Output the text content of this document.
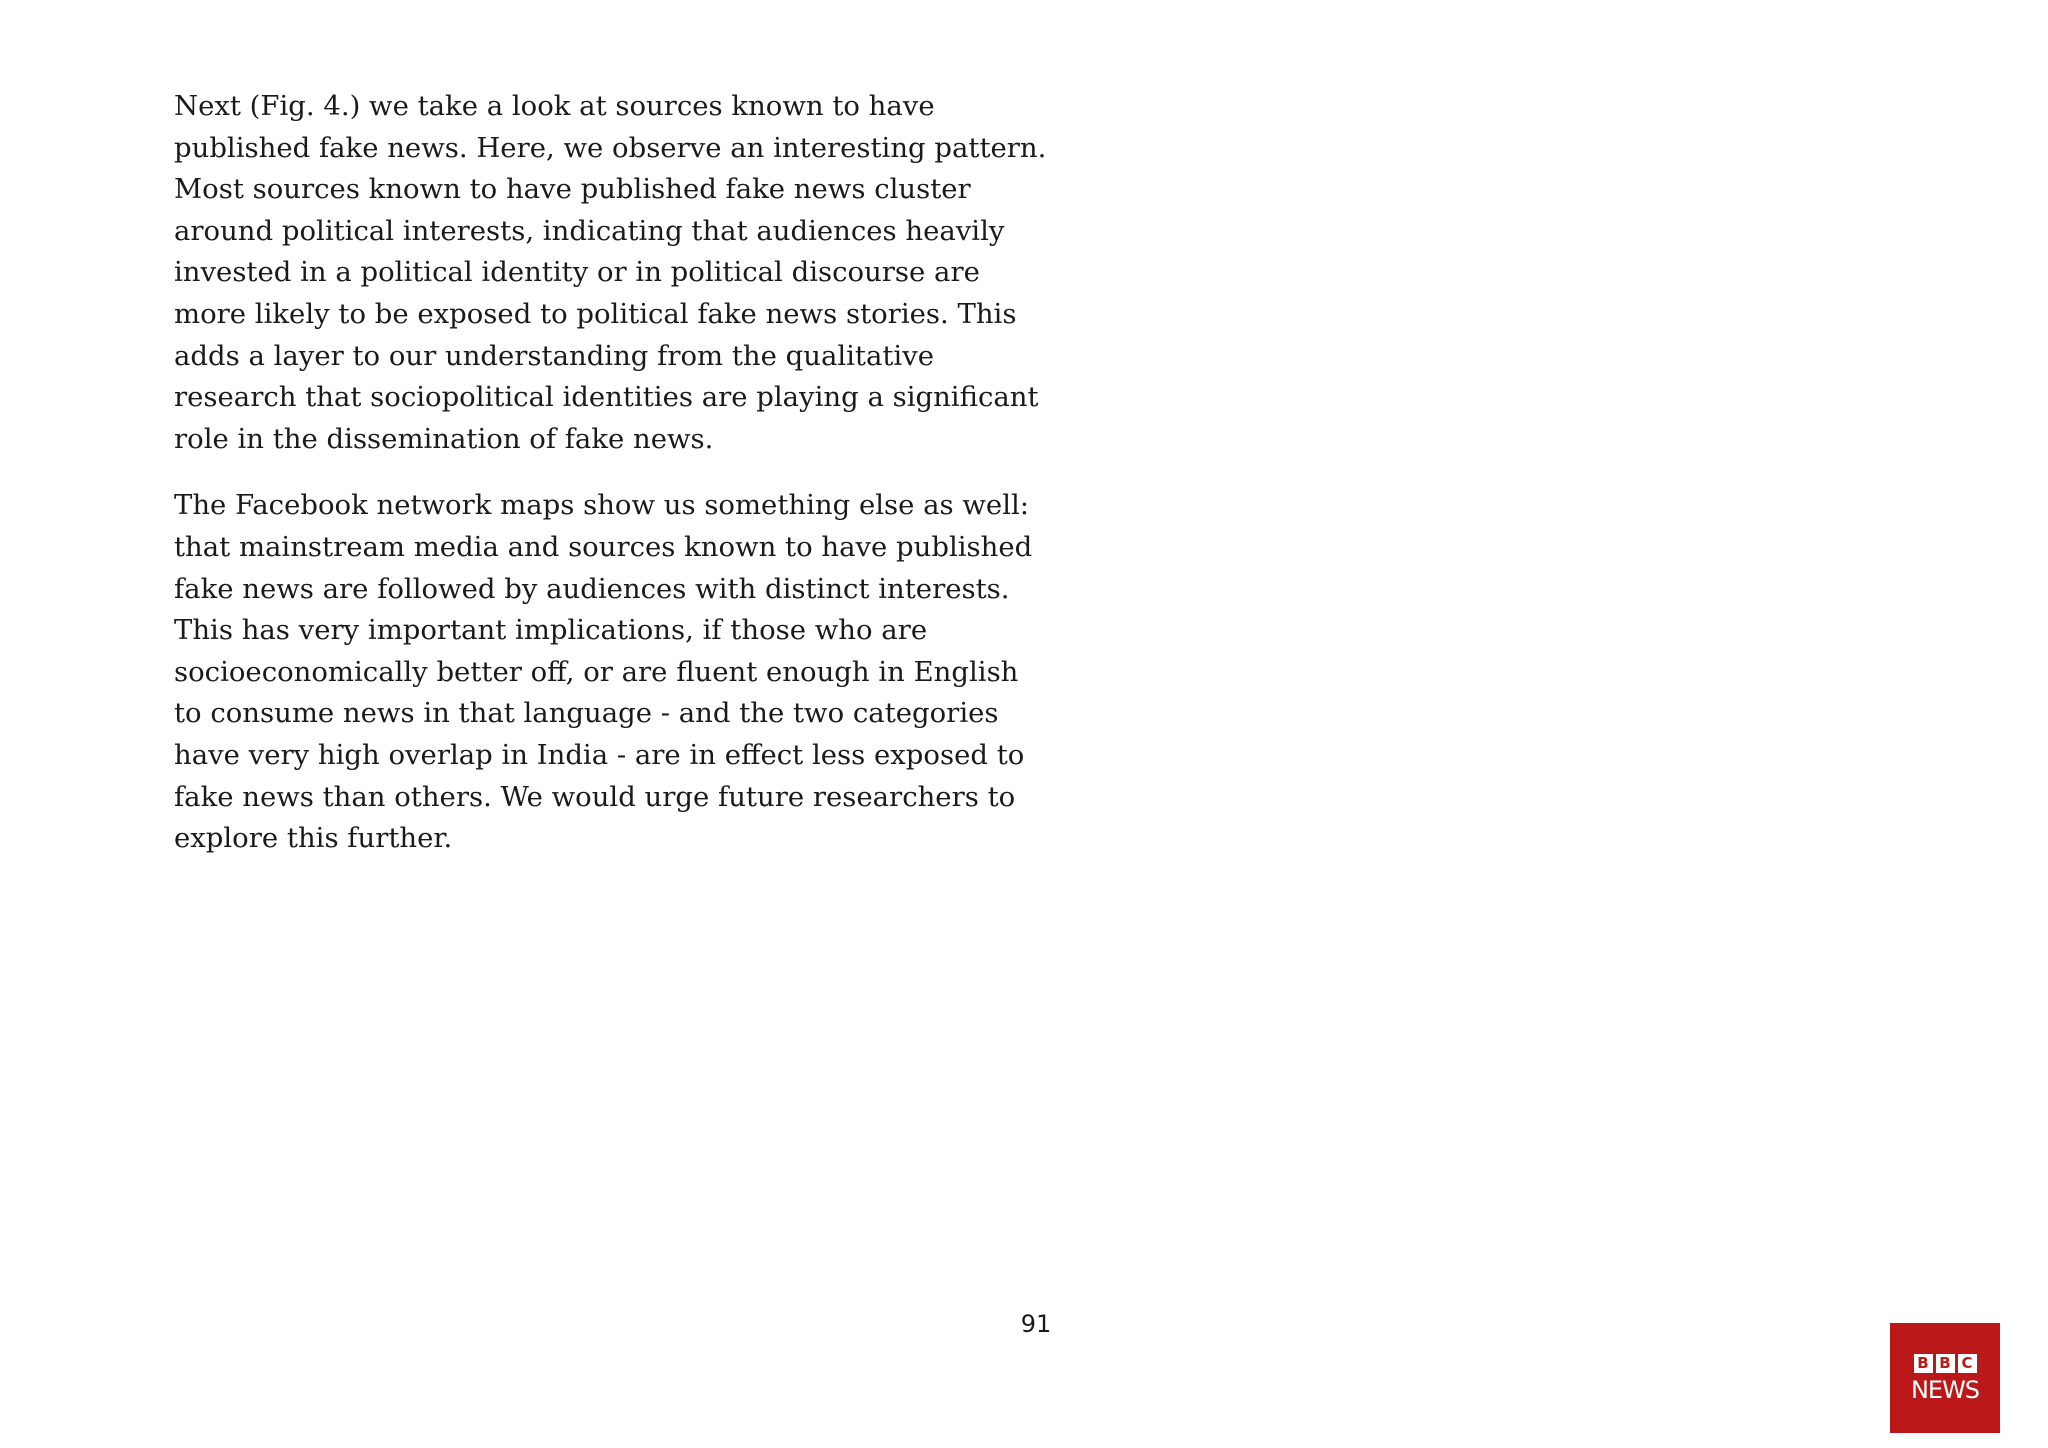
Next (Fig. 4.) we take a look at sources known to have
published fake news. Here, we observe an interesting pattern.
Most sources known to have published fake news cluster
around political interests, indicating that audiences heavily
invested in a political identity or in political discourse are
more likely to be exposed to political fake news stories. This
adds a layer to our understanding from the qualitative
research that sociopolitical identities are playing a significant
role in the dissemination of fake news.

The Facebook network maps show us something else as well:
that mainstream media and sources known to have published
fake news are followed by audiences with distinct interests.
This has very important implications, if those who are
socioeconomically better off, or are fluent enough in English
to consume news in that language - and the two categories
have very high overlap in India - are in effect less exposed to
fake news than others. We would urge future researchers to
explore this further.

91
B B C
NEWS
